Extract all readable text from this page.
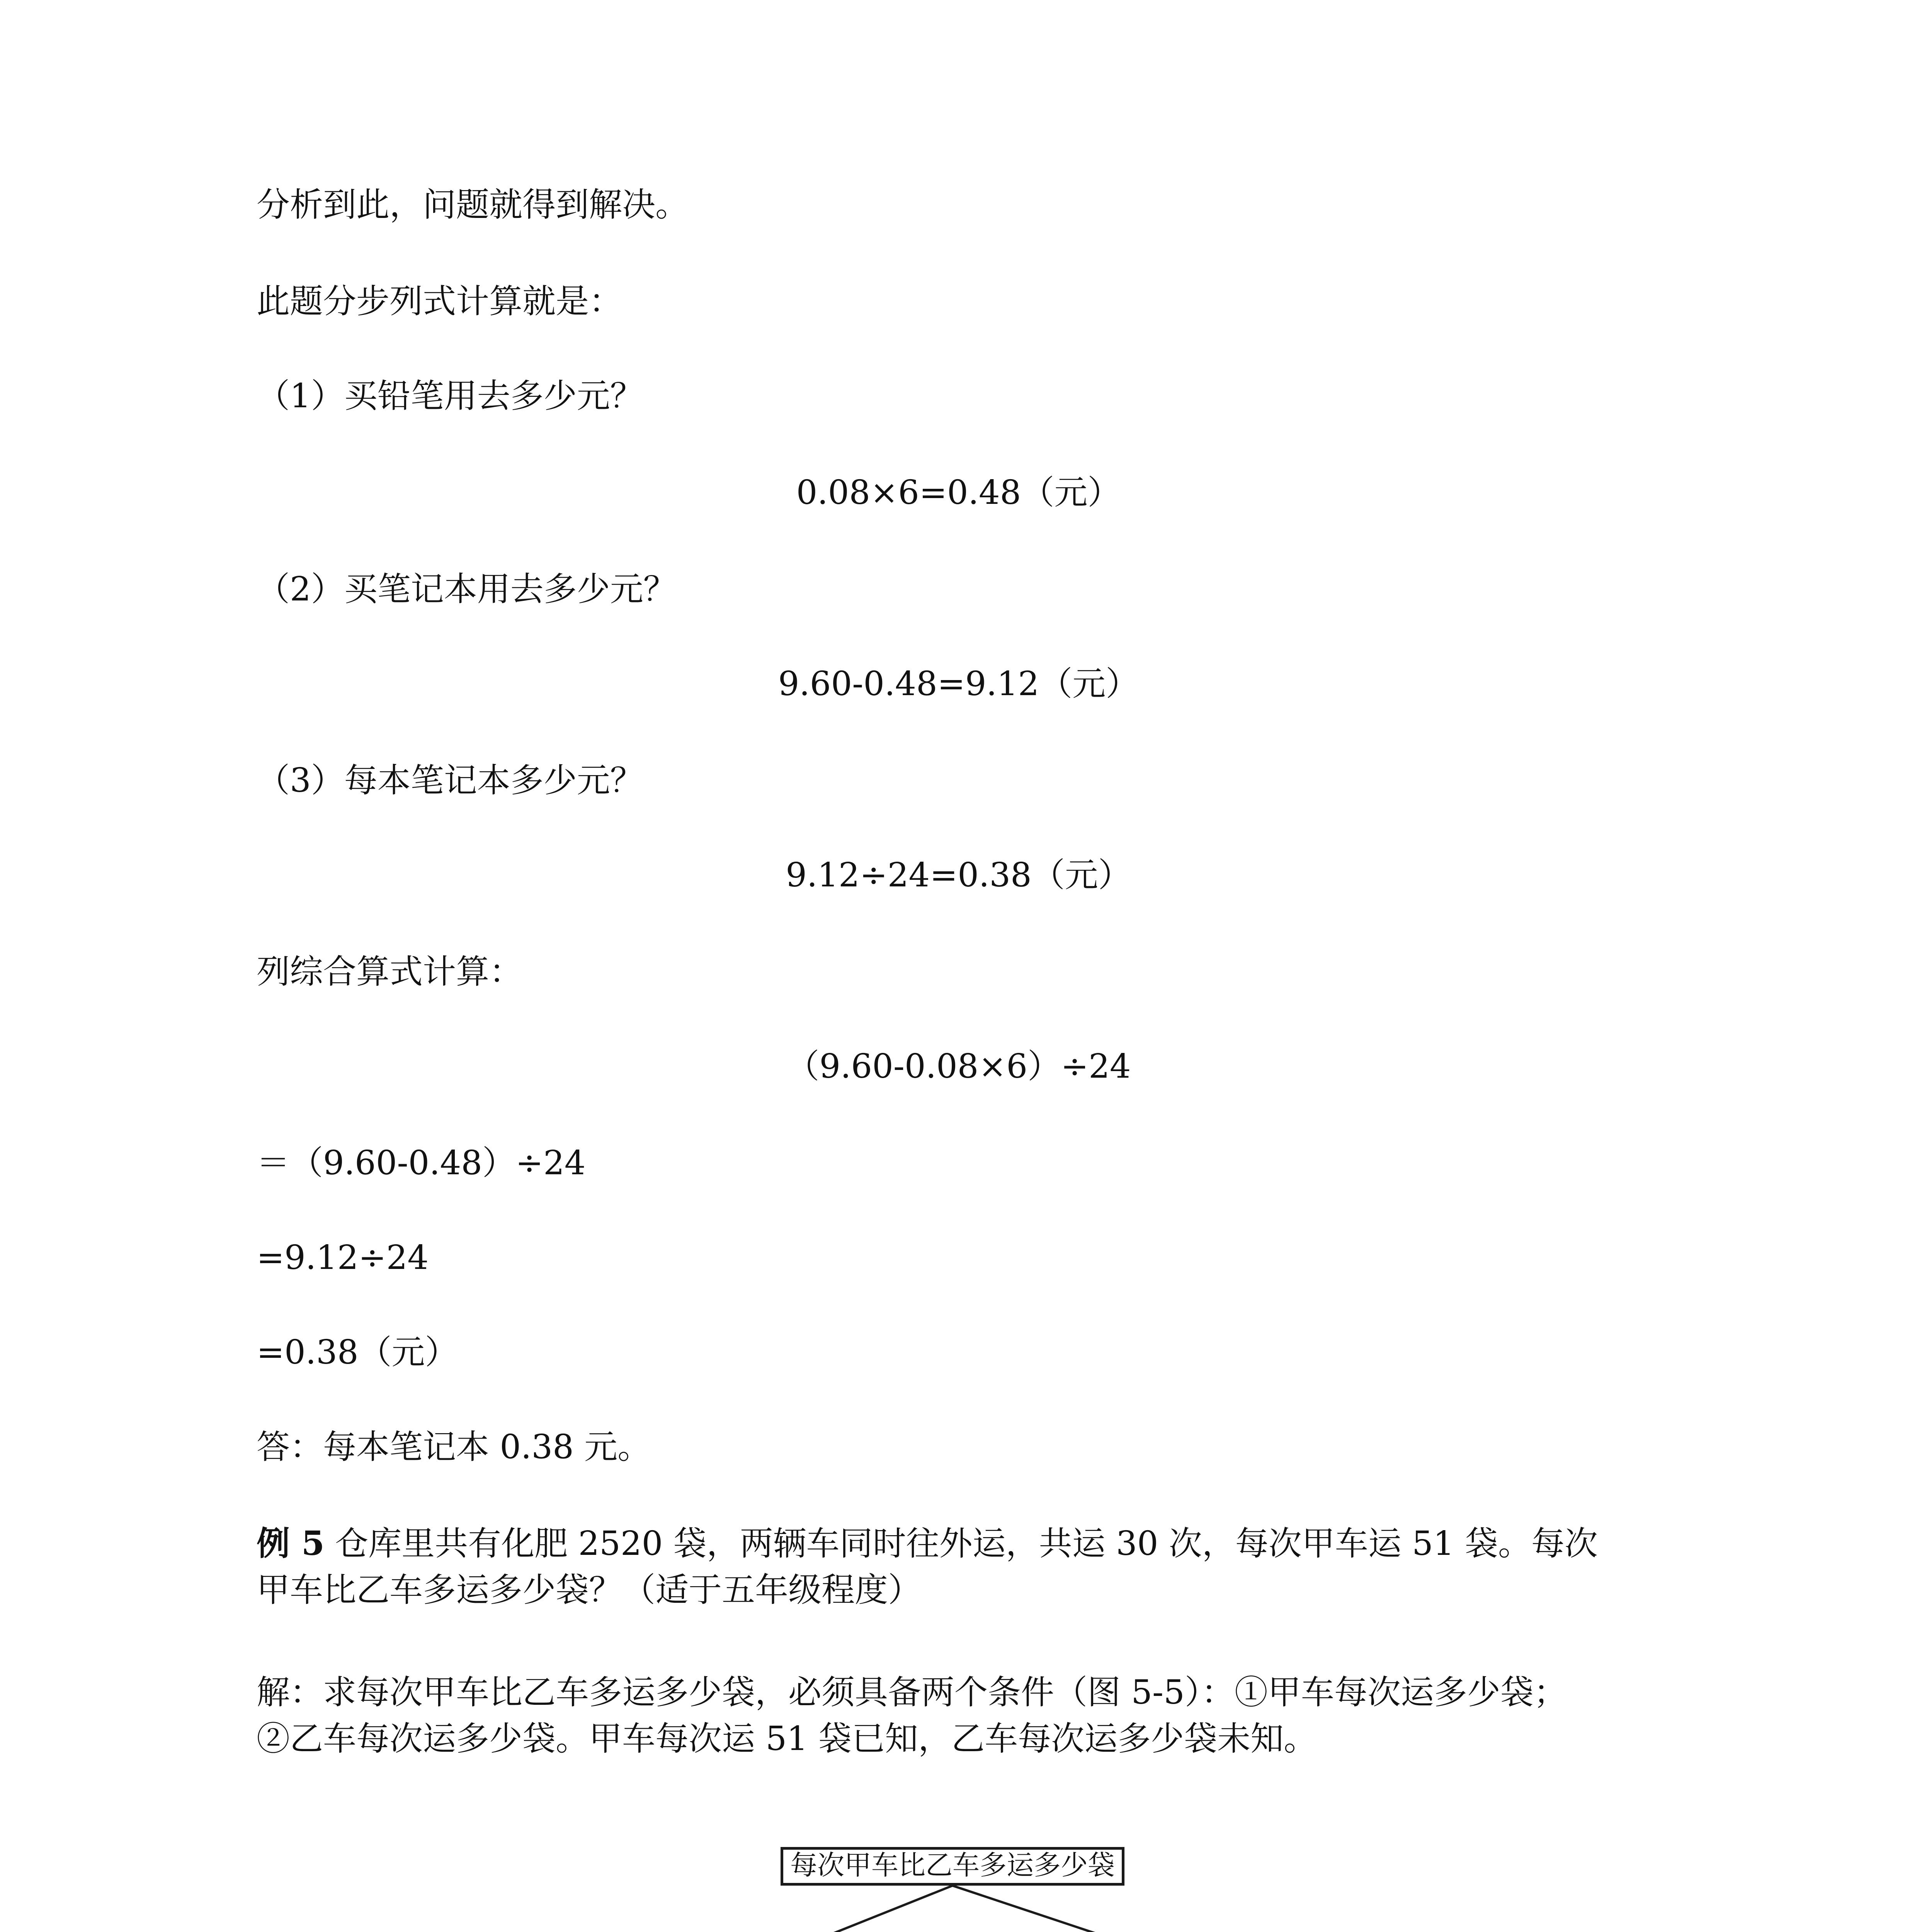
分析到此，问题就得到解决。

此题分步列式计算就是：

（1）买铅笔用去多少元？

0.08×6=0.48（元）

（2）买笔记本用去多少元？

9.60-0.48=9.12（元）

（3）每本笔记本多少元？

9.12÷24=0.38（元）

列综合算式计算：

（9.60-0.08×6）÷24

＝（9.60-0.48）÷24

=9.12÷24

=0.38（元）

答：每本笔记本 0.38 元。

例 5 仓库里共有化肥 2520 袋，两辆车同时往外运，共运 30 次，每次甲车运 51 袋。每次
甲车比乙车多运多少袋？（适于五年级程度）
解：求每次甲车比乙车多运多少袋，必须具备两个条件（图 5-5）：①甲车每次运多少袋；
②乙车每次运多少袋。甲车每次运 51 袋已知，乙车每次运多少袋未知。
每次甲车比乙车多运多少袋
